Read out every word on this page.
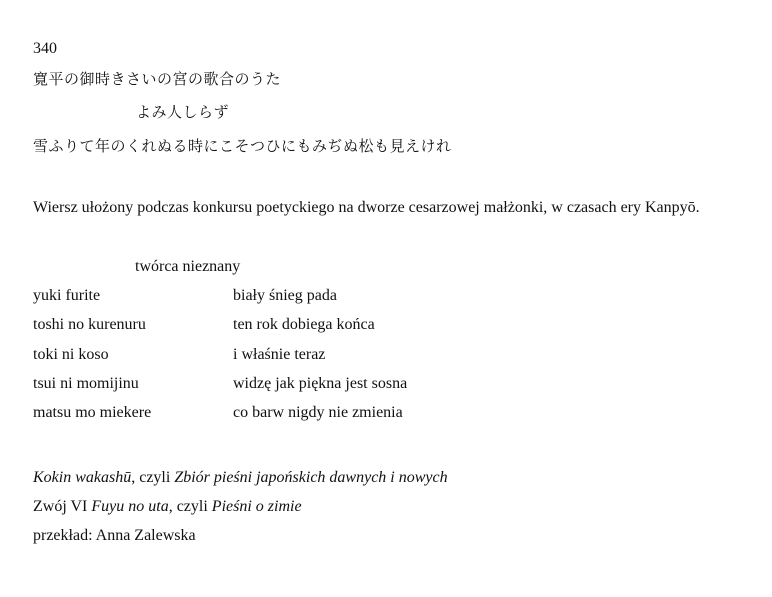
340
寛平の御時きさいの宮の歌合のうた
よみ人しらず
雪ふりて年のくれぬる時にこそつひにもみぢぬ松も見えけれ
Wiersz ułożony podczas konkursu poetyckiego na dworze cesarzowej małżonki, w czasach ery Kanpyō.
twórca nieznany
yuki furite	biały śnieg pada
toshi no kurenuru	ten rok dobiega końca
toki ni koso	i właśnie teraz
tsui ni momijinu	widzę jak piękna jest sosna
matsu mo miekere	co barw nigdy nie zmienia
Kokin wakashū, czyli Zbiór pieśni japońskich dawnych i nowych
Zwój VI Fuyu no uta, czyli Pieśni o zimie
przekład: Anna Zalewska
